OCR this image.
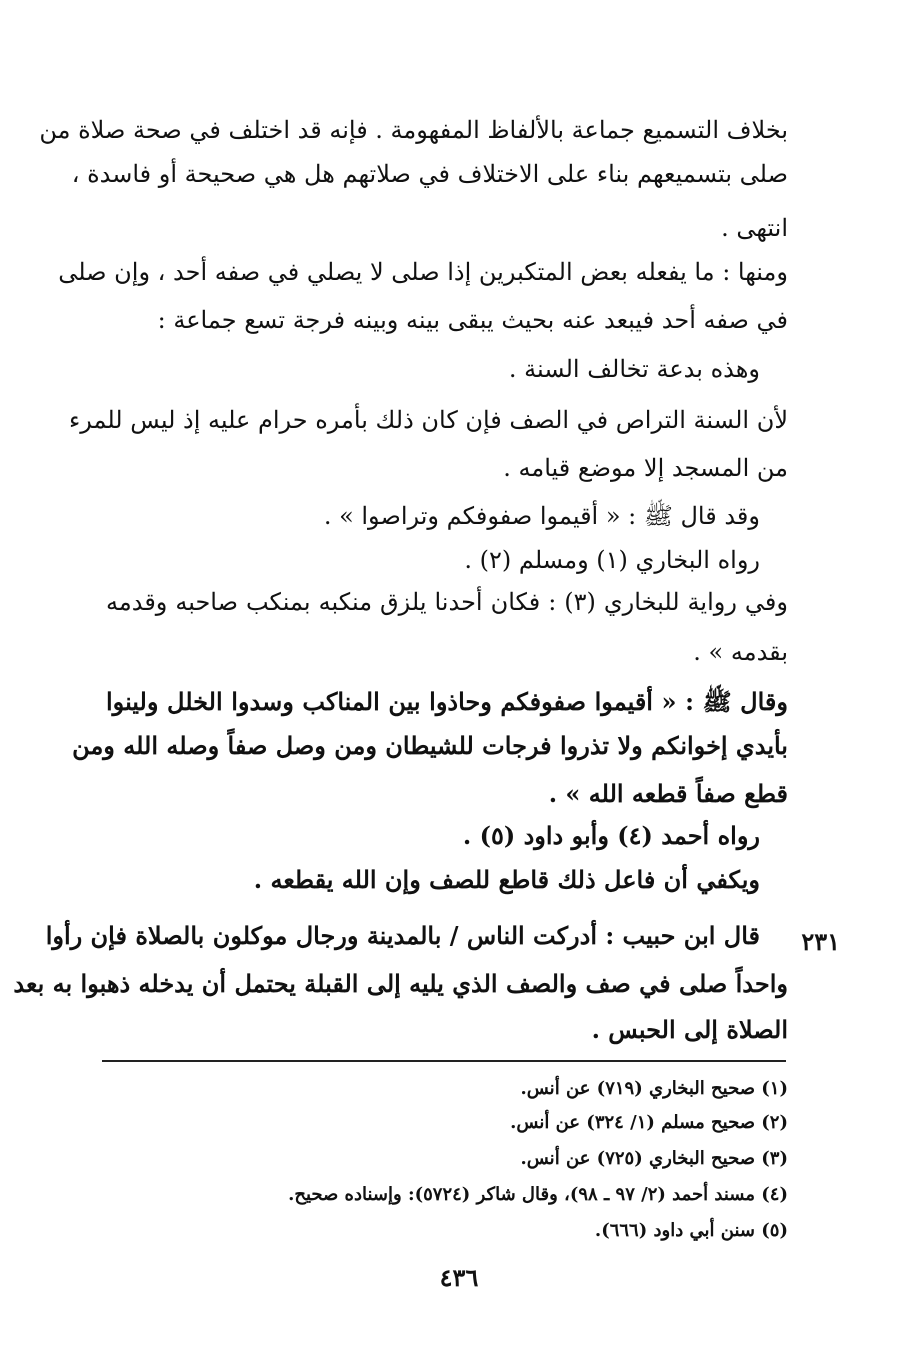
بخلاف التسميع جماعة بالألفاظ المفهومة . فإنه قد اختلف في صحة صلاة من

صلى بتسميعهم بناء على الاختلاف في صلاتهم هل هي صحيحة أو فاسدة ،

انتهى .

ومنها : ما يفعله بعض المتكبرين إذا صلى لا يصلي في صفه أحد ، وإن صلى

في صفه أحد فيبعد عنه بحيث يبقى بينه وبينه فرجة تسع جماعة :

وهذه بدعة تخالف السنة .

لأن السنة التراص في الصف فإن كان ذلك بأمره حرام عليه إذ ليس للمرء

من المسجد إلا موضع قيامه .

وقد قال ﷺ : « أقيموا صفوفكم وتراصوا » .

رواه البخاري (١) ومسلم (٢) .

وفي رواية للبخاري (٣) : فكان أحدنا يلزق منكبه بمنكب صاحبه وقدمه

بقدمه » .

وقال ﷺ : « أقيموا صفوفكم وحاذوا بين المناكب وسدوا الخلل ولينوا

بأيدي إخوانكم ولا تذروا فرجات للشيطان ومن وصل صفاً وصله الله ومن

قطع صفاً قطعه الله » .

رواه أحمد (٤) وأبو داود (٥) .

ويكفي أن فاعل ذلك قاطع للصف وإن الله يقطعه .

٢٣١

قال ابن حبيب : أدركت الناس / بالمدينة ورجال موكلون بالصلاة فإن رأوا

واحداً صلى في صف والصف الذي يليه إلى القبلة يحتمل أن يدخله ذهبوا به بعد

الصلاة إلى الحبس .

(١) صحيح البخاري (٧١٩) عن أنس.
(٢) صحيح مسلم (١/ ٣٢٤) عن أنس.
(٣) صحيح البخاري (٧٢٥) عن أنس.
(٤) مسند أحمد (٢/ ٩٧ ـ ٩٨)، وقال شاكر (٥٧٢٤): وإسناده صحيح.
(٥) سنن أبي داود (٦٦٦).
٤٣٦
